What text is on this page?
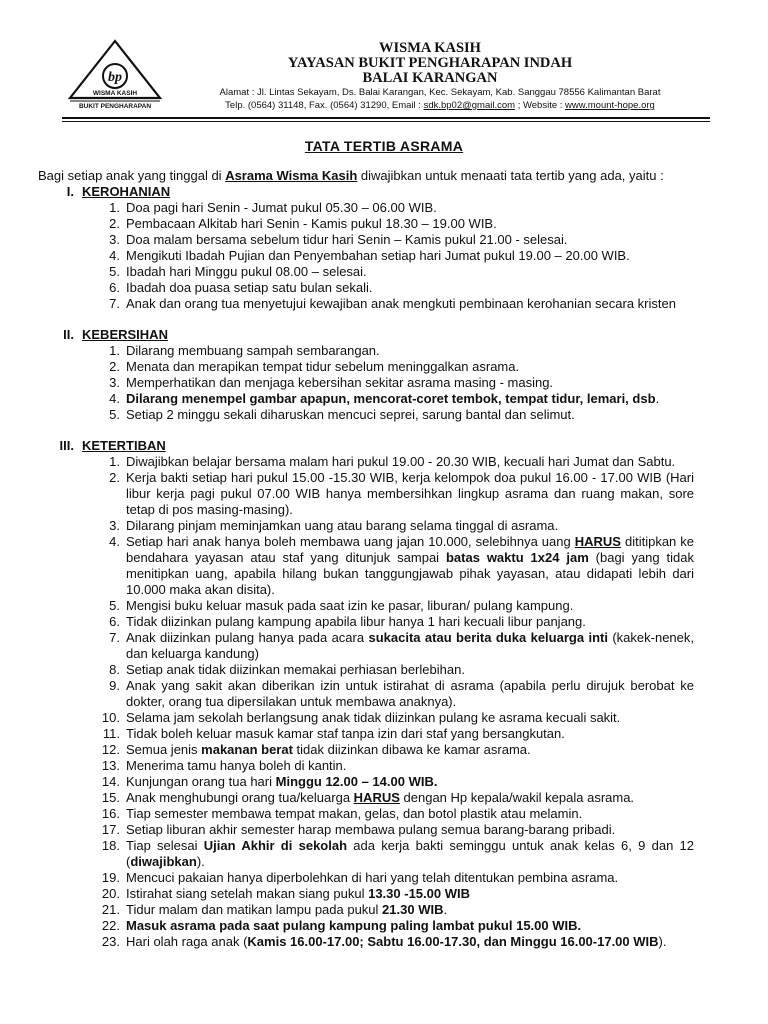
bp
WISMA KASIH
BUKIT PENGHARAPAN
WISMA KASIH
YAYASAN BUKIT PENGHARAPAN INDAH
BALAI KARANGAN
Alamat : Jl. Lintas Sekayam, Ds. Balai Karangan, Kec. Sekayam, Kab. Sanggau 78556 Kalimantan Barat
Telp. (0564) 31148, Fax. (0564) 31290, Email : sdk.bp02@gmail.com ; Website : www.mount-hope.org
TATA TERTIB ASRAMA
Bagi setiap anak yang tinggal di Asrama Wisma Kasih diwajibkan untuk menaati tata tertib yang ada, yaitu :
I. KEROHANIAN
1. Doa pagi hari Senin - Jumat pukul 05.30 – 06.00 WIB.
2. Pembacaan Alkitab hari Senin - Kamis pukul 18.30 – 19.00 WIB.
3. Doa malam bersama sebelum tidur hari Senin – Kamis pukul 21.00 - selesai.
4. Mengikuti Ibadah Pujian dan Penyembahan setiap hari Jumat pukul 19.00 – 20.00 WIB.
5. Ibadah hari Minggu pukul 08.00 – selesai.
6. Ibadah doa puasa setiap satu bulan sekali.
7. Anak dan orang tua menyetujui kewajiban anak mengkuti pembinaan kerohanian secara kristen
II. KEBERSIHAN
1. Dilarang membuang sampah sembarangan.
2. Menata dan merapikan tempat tidur sebelum meninggalkan asrama.
3. Memperhatikan dan menjaga kebersihan sekitar asrama masing - masing.
4. Dilarang menempel gambar apapun, mencorat-coret tembok, tempat tidur, lemari, dsb.
5. Setiap 2 minggu sekali diharuskan mencuci seprei, sarung bantal dan selimut.
III. KETERTIBAN
1. Diwajibkan belajar bersama malam hari pukul 19.00 - 20.30 WIB, kecuali hari Jumat dan Sabtu.
2. Kerja bakti setiap hari pukul 15.00 -15.30 WIB, kerja kelompok doa pukul 16.00 - 17.00 WIB (Hari libur kerja pagi pukul 07.00 WIB hanya membersihkan lingkup asrama dan ruang makan, sore tetap di pos masing-masing).
3. Dilarang pinjam meminjamkan uang atau barang selama tinggal di asrama.
4. Setiap hari anak hanya boleh membawa uang jajan 10.000, selebihnya uang HARUS dititipkan ke bendahara yayasan atau staf yang ditunjuk sampai batas waktu 1x24 jam (bagi yang tidak menitipkan uang, apabila hilang bukan tanggungjawab pihak yayasan, atau didapati lebih dari 10.000 maka akan disita).
5. Mengisi buku keluar masuk pada saat izin ke pasar, liburan/ pulang kampung.
6. Tidak diizinkan pulang kampung apabila libur hanya 1 hari kecuali libur panjang.
7. Anak diizinkan pulang hanya pada acara sukacita atau berita duka keluarga inti (kakek-nenek, dan keluarga kandung)
8. Setiap anak tidak diizinkan memakai perhiasan berlebihan.
9. Anak yang sakit akan diberikan izin untuk istirahat di asrama (apabila perlu dirujuk berobat ke dokter, orang tua dipersilakan untuk membawa anaknya).
10. Selama jam sekolah berlangsung anak tidak diizinkan pulang ke asrama kecuali sakit.
11. Tidak boleh keluar masuk kamar staf tanpa izin dari staf yang bersangkutan.
12. Semua jenis makanan berat tidak diizinkan dibawa ke kamar asrama.
13. Menerima tamu hanya boleh di kantin.
14. Kunjungan orang tua hari Minggu 12.00 – 14.00 WIB.
15. Anak menghubungi orang tua/keluarga HARUS dengan Hp kepala/wakil kepala asrama.
16. Tiap semester membawa tempat makan, gelas, dan botol plastik atau melamin.
17. Setiap liburan akhir semester harap membawa pulang semua barang-barang pribadi.
18. Tiap selesai Ujian Akhir di sekolah ada kerja bakti seminggu untuk anak kelas 6, 9 dan 12 (diwajibkan).
19. Mencuci pakaian hanya diperbolehkan di hari yang telah ditentukan pembina asrama.
20. Istirahat siang setelah makan siang pukul 13.30 -15.00 WIB
21. Tidur malam dan matikan lampu pada pukul 21.30 WIB.
22. Masuk asrama pada saat pulang kampung paling lambat pukul 15.00 WIB.
23. Hari olah raga anak (Kamis 16.00-17.00; Sabtu 16.00-17.30, dan Minggu 16.00-17.00 WIB).
